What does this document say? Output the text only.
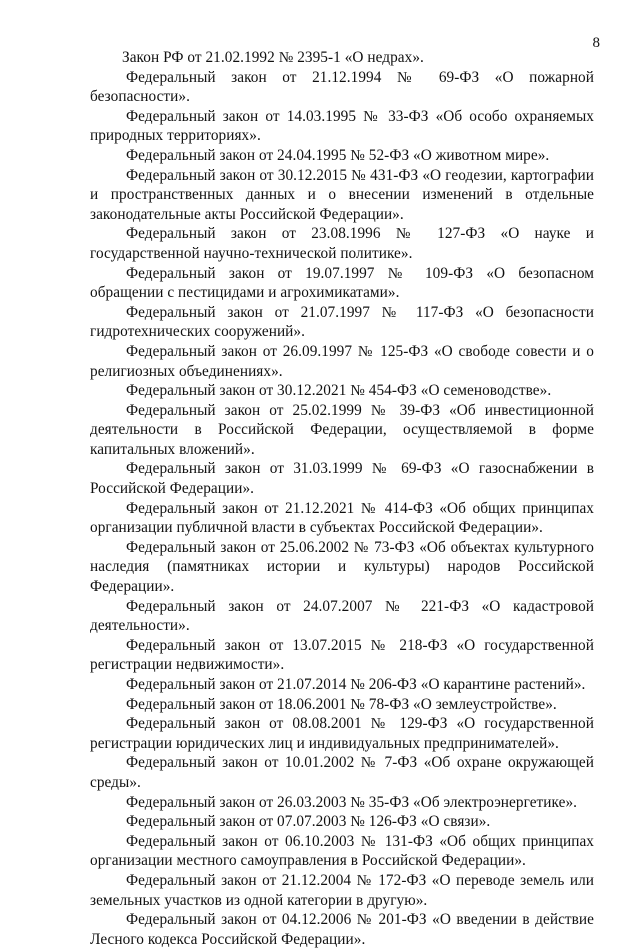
8

Закон РФ от 21.02.1992 № 2395-1 «О недрах».

Федеральный закон от 21.12.1994 № 69-ФЗ «О пожарной безопасности».

Федеральный закон от 14.03.1995 № 33-ФЗ «Об особо охраняемых природных территориях».

Федеральный закон от 24.04.1995 № 52-ФЗ «О животном мире».

Федеральный закон от 30.12.2015 № 431-ФЗ «О геодезии, картографии и пространственных данных и о внесении изменений в отдельные законодательные акты Российской Федерации».

Федеральный закон от 23.08.1996 № 127-ФЗ «О науке и государственной научно-технической политике».

Федеральный закон от 19.07.1997 № 109-ФЗ «О безопасном обращении с пестицидами и агрохимикатами».

Федеральный закон от 21.07.1997 № 117-ФЗ «О безопасности гидротехнических сооружений».

Федеральный закон от 26.09.1997 № 125-ФЗ «О свободе совести и о религиозных объединениях».

Федеральный закон от 30.12.2021 № 454-ФЗ «О семеноводстве».

Федеральный закон от 25.02.1999 № 39-ФЗ «Об инвестиционной деятельности в Российской Федерации, осуществляемой в форме капитальных вложений».

Федеральный закон от 31.03.1999 № 69-ФЗ «О газоснабжении в Российской Федерации».

Федеральный закон от 21.12.2021 № 414-ФЗ «Об общих принципах организации публичной власти в субъектах Российской Федерации».

Федеральный закон от 25.06.2002 № 73-ФЗ «Об объектах культурного наследия (памятниках истории и культуры) народов Российской Федерации».

Федеральный закон от 24.07.2007 № 221-ФЗ «О кадастровой деятельности».

Федеральный закон от 13.07.2015 № 218-ФЗ «О государственной регистрации недвижимости».

Федеральный закон от 21.07.2014 № 206-ФЗ «О карантине растений».

Федеральный закон от 18.06.2001 № 78-ФЗ «О землеустройстве».

Федеральный закон от 08.08.2001 № 129-ФЗ «О государственной регистрации юридических лиц и индивидуальных предпринимателей».

Федеральный закон от 10.01.2002 № 7-ФЗ «Об охране окружающей среды».

Федеральный закон от 26.03.2003 № 35-ФЗ «Об электроэнергетике».

Федеральный закон от 07.07.2003 № 126-ФЗ «О связи».

Федеральный закон от 06.10.2003 № 131-ФЗ «Об общих принципах организации местного самоуправления в Российской Федерации».

Федеральный закон от 21.12.2004 № 172-ФЗ «О переводе земель или земельных участков из одной категории в другую».

Федеральный закон от 04.12.2006 № 201-ФЗ «О введении в действие Лесного кодекса Российской Федерации».
